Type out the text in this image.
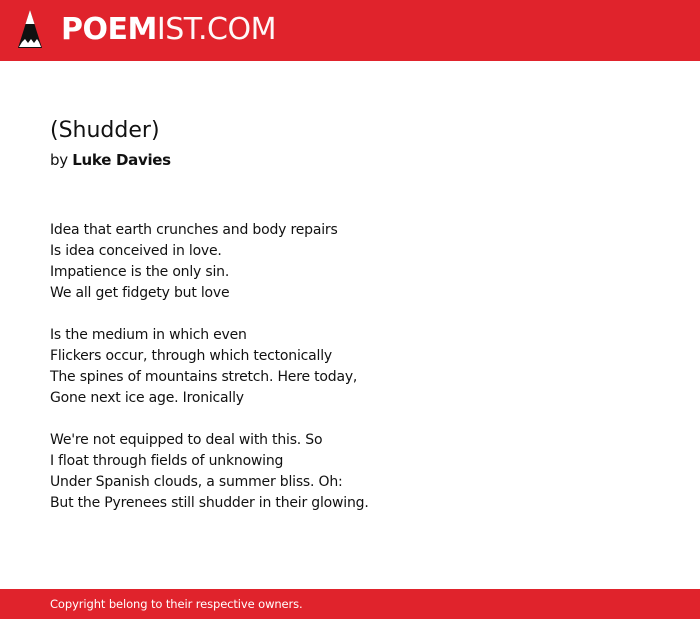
POEMIST.COM
(Shudder)
by Luke Davies
Idea that earth crunches and body repairs
Is idea conceived in love.
Impatience is the only sin.
We all get fidgety but love
Is the medium in which even
Flickers occur, through which tectonically
The spines of mountains stretch. Here today,
Gone next ice age. Ironically
We're not equipped to deal with this. So
I float through fields of unknowing
Under Spanish clouds, a summer bliss. Oh:
But the Pyrenees still shudder in their glowing.
Copyright belong to their respective owners.
